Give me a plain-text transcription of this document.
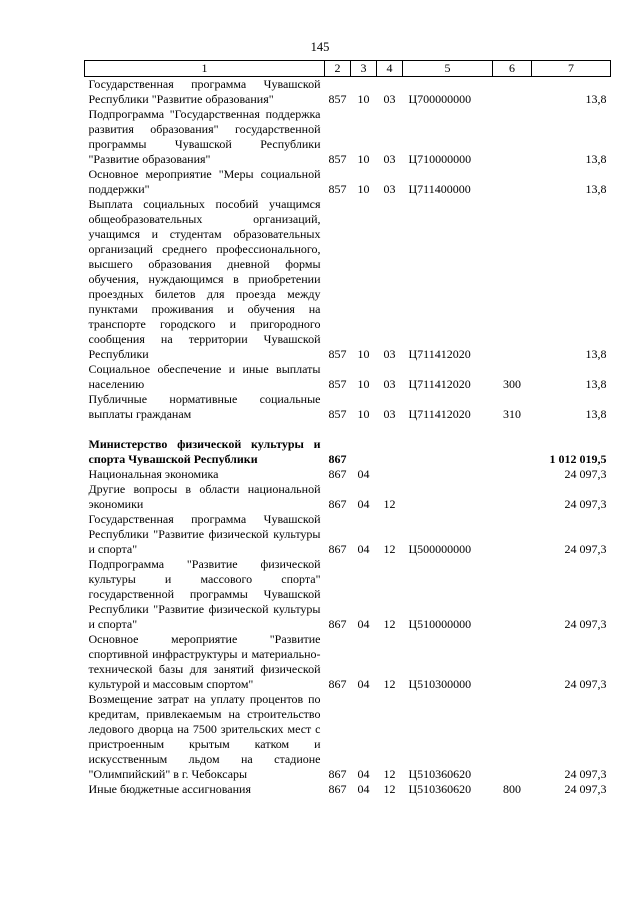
145
1	2	3	4	5	6	7
Государственная программа Чувашской Республики "Развитие образования"	857	10	03	Ц700000000		13,8
Подпрограмма "Государственная поддержка развития образования" государственной программы Чувашской Республики "Развитие образования"	857	10	03	Ц710000000		13,8
Основное мероприятие "Меры социальной поддержки"	857	10	03	Ц711400000		13,8
Выплата социальных пособий учащимся общеобразовательных организаций, учащимся и студентам образовательных организаций среднего профессионального, высшего образования дневной формы обучения, нуждающимся в приобретении проездных билетов для проезда между пунктами проживания и обучения на транспорте городского и пригородного сообщения на территории Чувашской Республики	857	10	03	Ц711412020		13,8
Социальное обеспечение и иные выплаты населению	857	10	03	Ц711412020	300	13,8
Публичные нормативные социальные выплаты гражданам	857	10	03	Ц711412020	310	13,8

Министерство физической культуры и спорта Чувашской Республики	867					1 012 019,5
Национальная экономика	867	04				24 097,3
Другие вопросы в области национальной экономики	867	04	12			24 097,3
Государственная программа Чувашской Республики "Развитие физической культуры и спорта"	867	04	12	Ц500000000		24 097,3
Подпрограмма "Развитие физической культуры и массового спорта" государственной программы Чувашской Республики "Развитие физической культуры и спорта"	867	04	12	Ц510000000		24 097,3
Основное мероприятие "Развитие спортивной инфраструктуры и материально-технической базы для занятий физической культурой и массовым спортом"	867	04	12	Ц510300000		24 097,3
Возмещение затрат на уплату процентов по кредитам, привлекаемым на строительство ледового дворца на 7500 зрительских мест с пристроенным крытым катком и искусственным льдом на стадионе "Олимпийский" в г. Чебоксары	867	04	12	Ц510360620		24 097,3
Иные бюджетные ассигнования	867	04	12	Ц510360620	800	24 097,3
